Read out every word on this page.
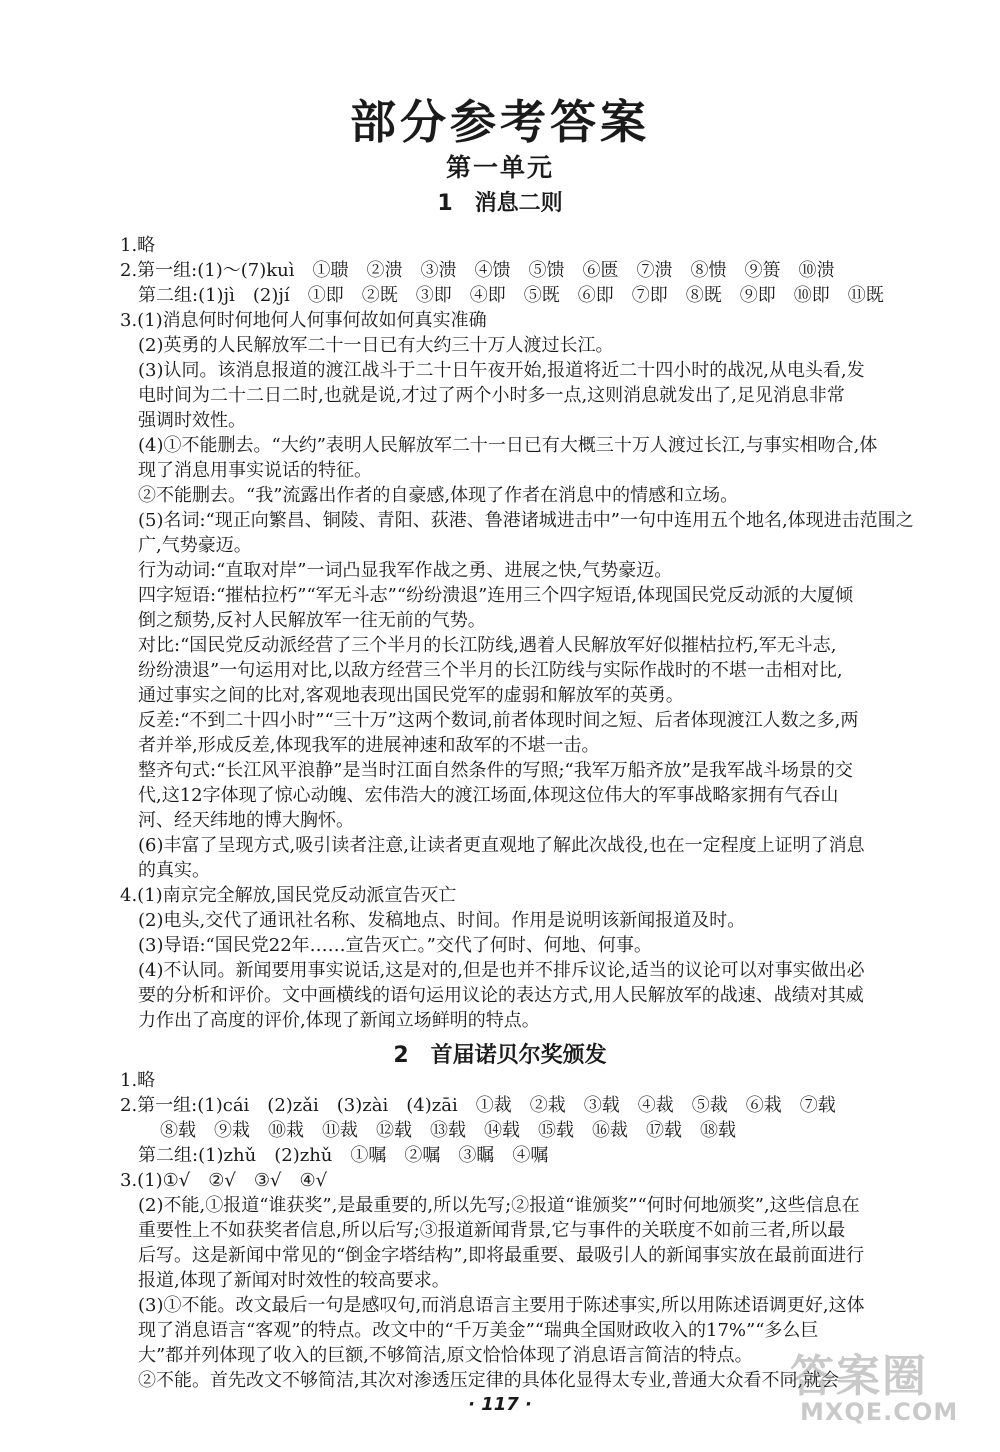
部分参考答案
第一单元
1　消息二则
1.略
2.第一组:(1)～(7)kuì　①聩　②溃　③溃　④馈　⑤馈　⑥匮　⑦溃　⑧愦　⑨篑　⑩溃
第二组:(1)jì　(2)jí　①即　②既　③即　④即　⑤既　⑥即　⑦即　⑧既　⑨即　⑩即　⑪既
3.(1)消息何时何地何人何事何故如何真实准确
(2)英勇的人民解放军二十一日已有大约三十万人渡过长江。
(3)认同。该消息报道的渡江战斗于二十日午夜开始,报道将近二十四小时的战况,从电头看,发
电时间为二十二日二时,也就是说,才过了两个小时多一点,这则消息就发出了,足见消息非常
强调时效性。
(4)①不能删去。“大约”表明人民解放军二十一日已有大概三十万人渡过长江,与事实相吻合,体
现了消息用事实说话的特征。
②不能删去。“我”流露出作者的自豪感,体现了作者在消息中的情感和立场。
(5)名词:“现正向繁昌、铜陵、青阳、荻港、鲁港诸城进击中”一句中连用五个地名,体现进击范围之
广,气势豪迈。
行为动词:“直取对岸”一词凸显我军作战之勇、进展之快,气势豪迈。
四字短语:“摧枯拉朽”“军无斗志”“纷纷溃退”连用三个四字短语,体现国民党反动派的大厦倾
倒之颓势,反衬人民解放军一往无前的气势。
对比:“国民党反动派经营了三个半月的长江防线,遇着人民解放军好似摧枯拉朽,军无斗志,
纷纷溃退”一句运用对比,以敌方经营三个半月的长江防线与实际作战时的不堪一击相对比,
通过事实之间的比对,客观地表现出国民党军的虚弱和解放军的英勇。
反差:“不到二十四小时”“三十万”这两个数词,前者体现时间之短、后者体现渡江人数之多,两
者并举,形成反差,体现我军的进展神速和敌军的不堪一击。
整齐句式:“长江风平浪静”是当时江面自然条件的写照;“我军万船齐放”是我军战斗场景的交
代,这12字体现了惊心动魄、宏伟浩大的渡江场面,体现这位伟大的军事战略家拥有气吞山
河、经天纬地的博大胸怀。
(6)丰富了呈现方式,吸引读者注意,让读者更直观地了解此次战役,也在一定程度上证明了消息
的真实。
4.(1)南京完全解放,国民党反动派宣告灭亡
(2)电头,交代了通讯社名称、发稿地点、时间。作用是说明该新闻报道及时。
(3)导语:“国民党22年……宣告灭亡。”交代了何时、何地、何事。
(4)不认同。新闻要用事实说话,这是对的,但是也并不排斥议论,适当的议论可以对事实做出必
要的分析和评价。文中画横线的语句运用议论的表达方式,用人民解放军的战速、战绩对其威
力作出了高度的评价,体现了新闻立场鲜明的特点。
2　首届诺贝尔奖颁发
1.略
2.第一组:(1)cái　(2)zǎi　(3)zài　(4)zāi　①裁　②栽　③载　④裁　⑤裁　⑥栽　⑦载
⑧载　⑨栽　⑩栽　⑪裁　⑫载　⑬载　⑭载　⑮载　⑯裁　⑰载　⑱载
第二组:(1)zhǔ　(2)zhǔ　①嘱　②嘱　③瞩　④嘱
3.(1)①√　②√　③√　④√
(2)不能,①报道“谁获奖”,是最重要的,所以先写;②报道“谁颁奖”“何时何地颁奖”,这些信息在
重要性上不如获奖者信息,所以后写;③报道新闻背景,它与事件的关联度不如前三者,所以最
后写。这是新闻中常见的“倒金字塔结构”,即将最重要、最吸引人的新闻事实放在最前面进行
报道,体现了新闻对时效性的较高要求。
(3)①不能。改文最后一句是感叹句,而消息语言主要用于陈述事实,所以用陈述语调更好,这体
现了消息语言“客观”的特点。改文中的“千万美金”“瑞典全国财政收入的17%”“多么巨
大”都并列体现了收入的巨额,不够简洁,原文恰恰体现了消息语言简洁的特点。
②不能。首先改文不够简洁,其次对渗透压定律的具体化显得太专业,普通大众看不同,就会
· 117 ·
答案圈
MXQE.COM
